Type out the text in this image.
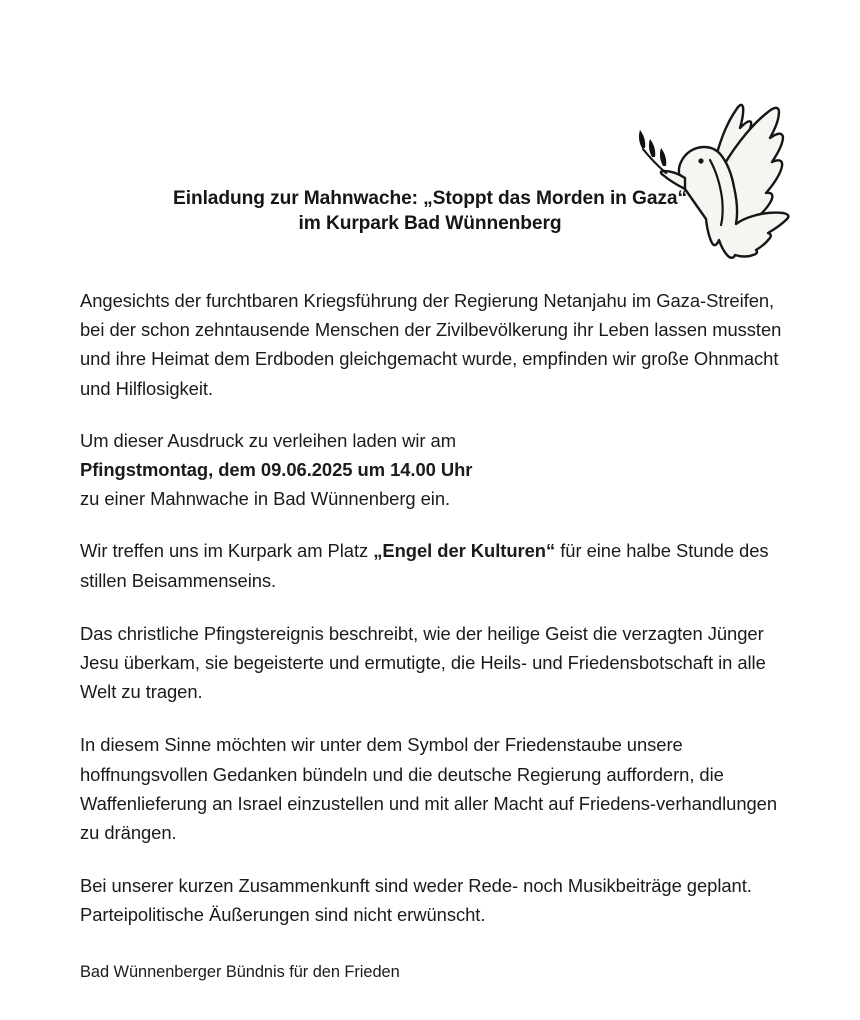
Einladung zur Mahnwache: „Stoppt das Morden in Gaza“
im Kurpark Bad Wünnenberg

Angesichts der furchtbaren Kriegsführung der Regierung Netanjahu im Gaza-Streifen, bei der schon zehntausende Menschen der Zivilbevölkerung ihr Leben lassen mussten und ihre Heimat dem Erdboden gleichgemacht wurde, empfinden wir große Ohnmacht und Hilflosigkeit.

Um dieser Ausdruck zu verleihen laden wir am
Pfingstmontag, dem 09.06.2025 um 14.00 Uhr
zu einer Mahnwache in Bad Wünnenberg ein.

Wir treffen uns im Kurpark am Platz „Engel der Kulturen“ für eine halbe Stunde des stillen Beisammenseins.

Das christliche Pfingstereignis beschreibt, wie der heilige Geist die verzagten Jünger Jesu überkam, sie begeisterte und ermutigte, die Heils- und Friedensbotschaft in alle Welt zu tragen.

In diesem Sinne möchten wir unter dem Symbol der Friedenstaube unsere hoffnungsvollen Gedanken bündeln und die deutsche Regierung auffordern, die Waffenlieferung an Israel einzustellen und mit aller Macht auf Friedens-verhandlungen zu drängen.

Bei unserer kurzen Zusammenkunft sind weder Rede- noch Musikbeiträge geplant.
Parteipolitische Äußerungen sind nicht erwünscht.

Bad Wünnenberger Bündnis für den Frieden
